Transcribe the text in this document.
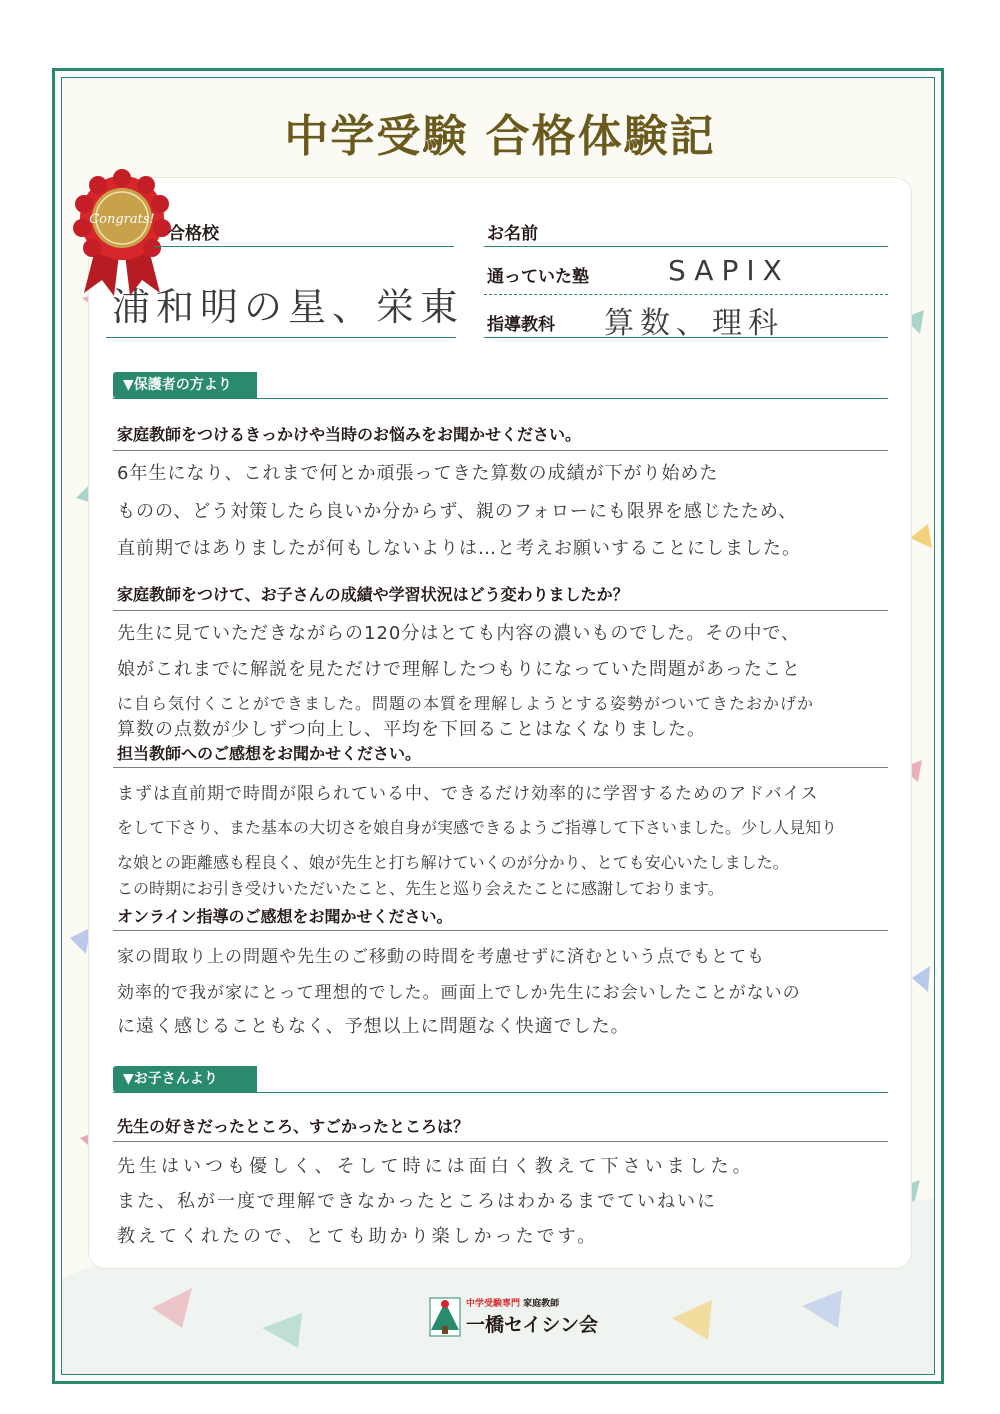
中学受験 合格体験記
Congrats!
合格校
浦和明の星、栄東
お名前
通っていた塾	SAPIX
指導教科 算数、理科
▼保護者の方より
家庭教師をつけるきっかけや当時のお悩みをお聞かせください。
6年生になり、これまで何とか頑張ってきた算数の成績が下がり始めた
ものの、どう対策したら良いか分からず、親のフォローにも限界を感じたため、
直前期ではありましたが何もしないよりは…と考えお願いすることにしました。
家庭教師をつけて、お子さんの成績や学習状況はどう変わりましたか？
先生に見ていただきながらの120分はとても内容の濃いものでした。その中で、
娘がこれまでに解説を見ただけで理解したつもりになっていた問題があったこと
に自ら気付くことができました。問題の本質を理解しようとする姿勢がついてきたおかげか
算数の点数が少しずつ向上し、平均を下回ることはなくなりました。
担当教師へのご感想をお聞かせください。
まずは直前期で時間が限られている中、できるだけ効率的に学習するためのアドバイス
をして下さり、また基本の大切さを娘自身が実感できるようご指導して下さいました。少し人見知り
な娘との距離感も程良く、娘が先生と打ち解けていくのが分かり、とても安心いたしました。
この時期にお引き受けいただいたこと、先生と巡り会えたことに感謝しております。
オンライン指導のご感想をお聞かせください。
家の間取り上の問題や先生のご移動の時間を考慮せずに済むという点でもとても
効率的で我が家にとって理想的でした。画面上でしか先生にお会いしたことがないの
に遠く感じることもなく、予想以上に問題なく快適でした。
▼お子さんより
先生の好きだったところ、すごかったところは？
先生はいつも優しく、そして時には面白く教えて下さいました。
また、私が一度で理解できなかったところはわかるまでていねいに
教えてくれたので、とても助かり楽しかったです。
中学受験専門 家庭教師
一橋セイシン会
